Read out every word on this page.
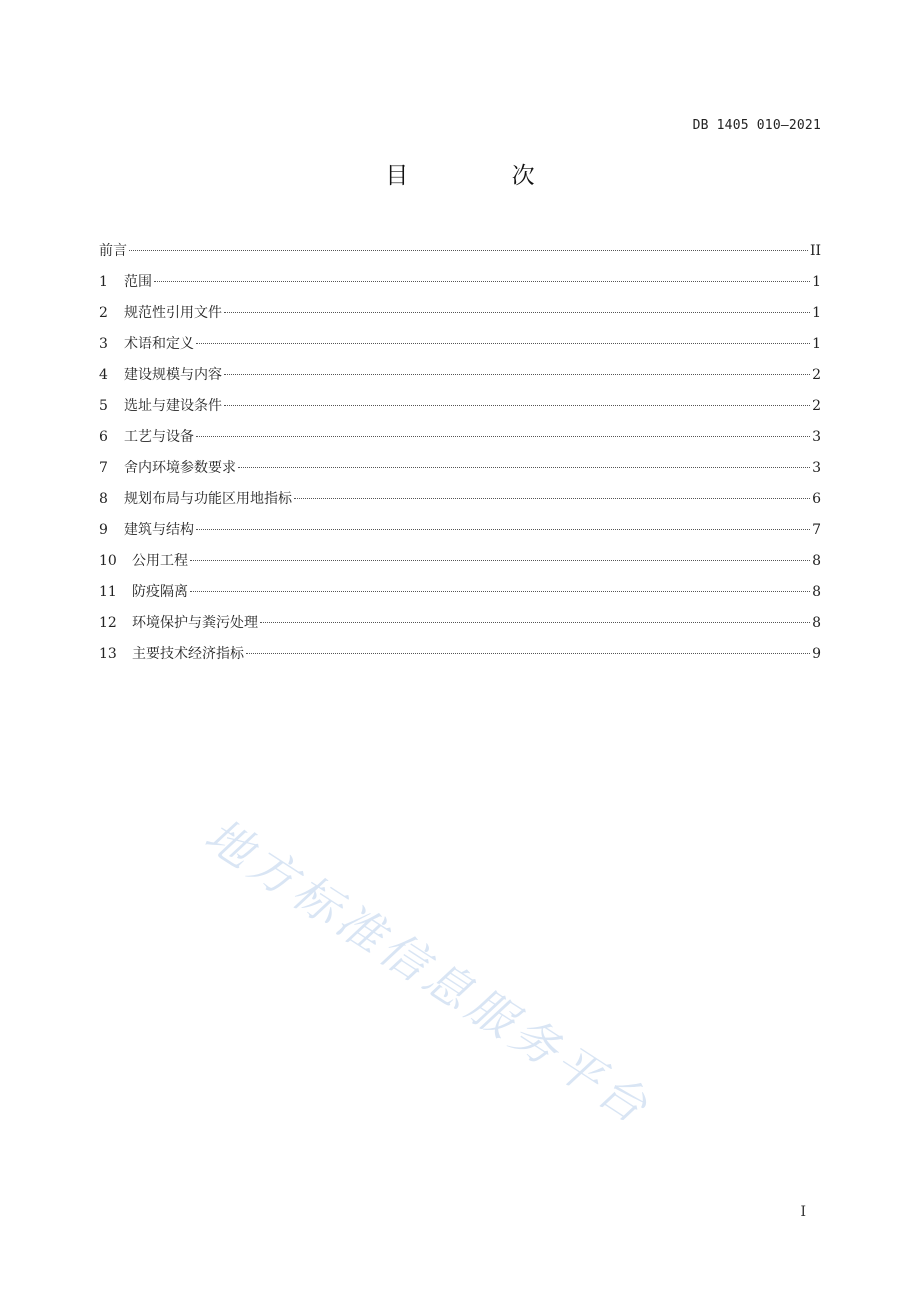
DB 1405 010—2021
目 次
前言	II
1	范围	1
2	规范性引用文件	1
3	术语和定义	1
4	建设规模与内容	2
5	选址与建设条件	2
6	工艺与设备	3
7	舍内环境参数要求	3
8	规划布局与功能区用地指标	6
9	建筑与结构	7
10	公用工程	8
11	防疫隔离	8
12	环境保护与粪污处理	8
13	主要技术经济指标	9
地方标准信息服务平台
I
